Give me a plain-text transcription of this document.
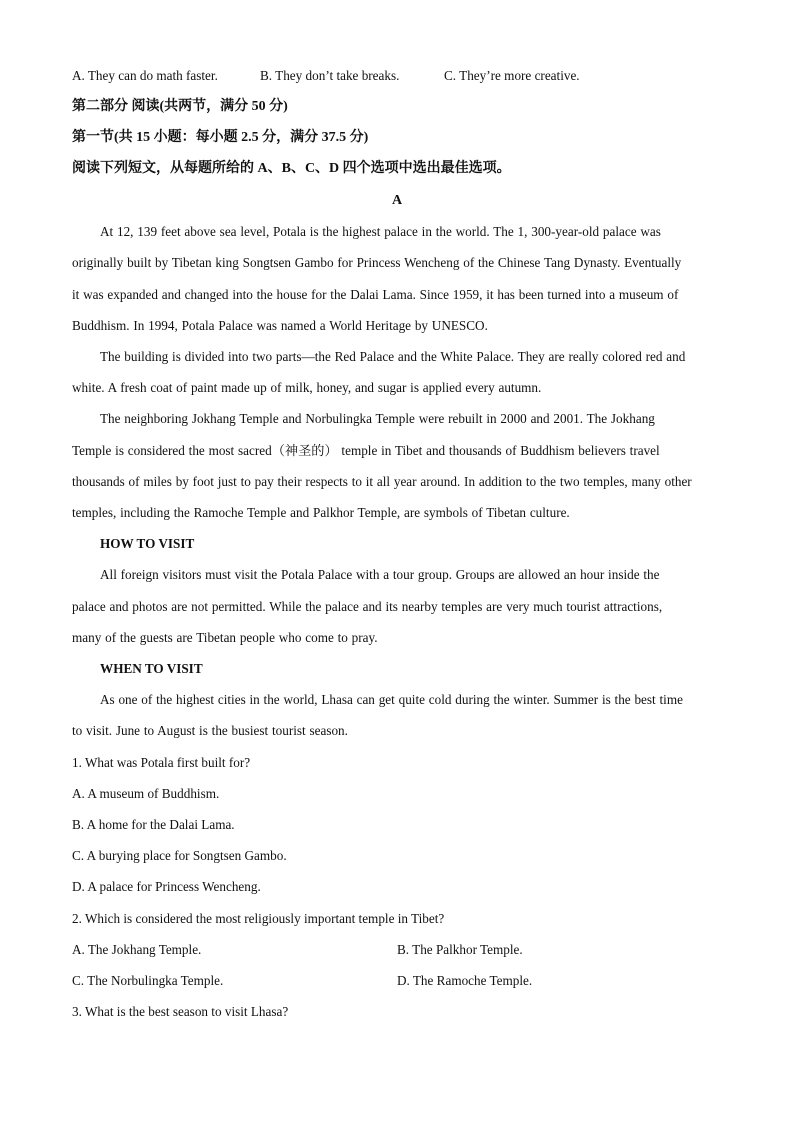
A. They can do math faster.	B. They don’t take breaks.	C. They’re more creative.
第二部分 阅读(共两节，满分 50 分)
第一节(共 15 小题：每小题 2.5 分，满分 37.5 分)
阅读下列短文，从每题所给的 A、B、C、D 四个选项中选出最佳选项。
A
At 12, 139 feet above sea level, Potala is the highest palace in the world. The 1, 300-year-old palace was
originally built by Tibetan king Songtsen Gambo for Princess Wencheng of the Chinese Tang Dynasty. Eventually
it was expanded and changed into the house for the Dalai Lama. Since 1959, it has been turned into a museum of
Buddhism. In 1994, Potala Palace was named a World Heritage by UNESCO.
The building is divided into two parts—the Red Palace and the White Palace. They are really colored red and
white. A fresh coat of paint made up of milk, honey, and sugar is applied every autumn.
The neighboring Jokhang Temple and Norbulingka Temple were rebuilt in 2000 and 2001. The Jokhang
Temple is considered the most sacred（神圣的） temple in Tibet and thousands of Buddhism believers travel
thousands of miles by foot just to pay their respects to it all year around. In addition to the two temples, many other
temples, including the Ramoche Temple and Palkhor Temple, are symbols of Tibetan culture.
HOW TO VISIT
All foreign visitors must visit the Potala Palace with a tour group. Groups are allowed an hour inside the
palace and photos are not permitted. While the palace and its nearby temples are very much tourist attractions,
many of the guests are Tibetan people who come to pray.
WHEN TO VISIT
As one of the highest cities in the world, Lhasa can get quite cold during the winter. Summer is the best time
to visit. June to August is the busiest tourist season.
1. What was Potala first built for?
A. A museum of Buddhism.
B. A home for the Dalai Lama.
C. A burying place for Songtsen Gambo.
D. A palace for Princess Wencheng.
2. Which is considered the most religiously important temple in Tibet?
A. The Jokhang Temple.	B. The Palkhor Temple.
C. The Norbulingka Temple.	D. The Ramoche Temple.
3. What is the best season to visit Lhasa?
